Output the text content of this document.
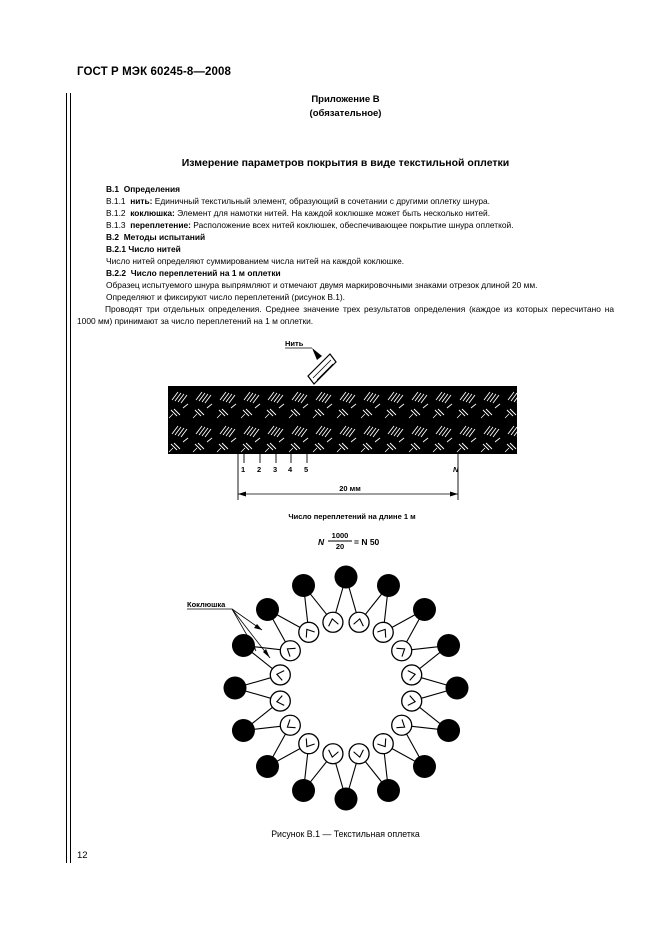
ГОСТ Р МЭК 60245-8—2008
Приложение В
(обязательное)
Измерение параметров покрытия в виде текстильной оплетки
В.1 Определения
В.1.1 нить: Единичный текстильный элемент, образующий в сочетании с другими оплетку шнура.
В.1.2 коклюшка: Элемент для намотки нитей. На каждой коклюшке может быть несколько нитей.
В.1.3 переплетение: Расположение всех нитей коклюшек, обеспечивающее покрытие шнура оплеткой.
В.2 Методы испытаний
В.2.1 Число нитей
Число нитей определяют суммированием числа нитей на каждой коклюшке.
В.2.2 Число переплетений на 1 м оплетки
Образец испытуемого шнура выпрямляют и отмечают двумя маркировочными знаками отрезок длиной 20 мм.
Определяют и фиксируют число переплетений (рисунок В.1).
Проводят три отдельных определения. Среднее значение трех результатов определения (каждое из которых пересчитано на 1000 мм) принимают за число переплетений на 1 м оплетки.
Нить
1 2 3 4 5	N
20 мм
Число переплетений на длине 1 м
N
1000
20 = N 50
Коклюшка
Рисунок В.1 — Текстильная оплетка
12
